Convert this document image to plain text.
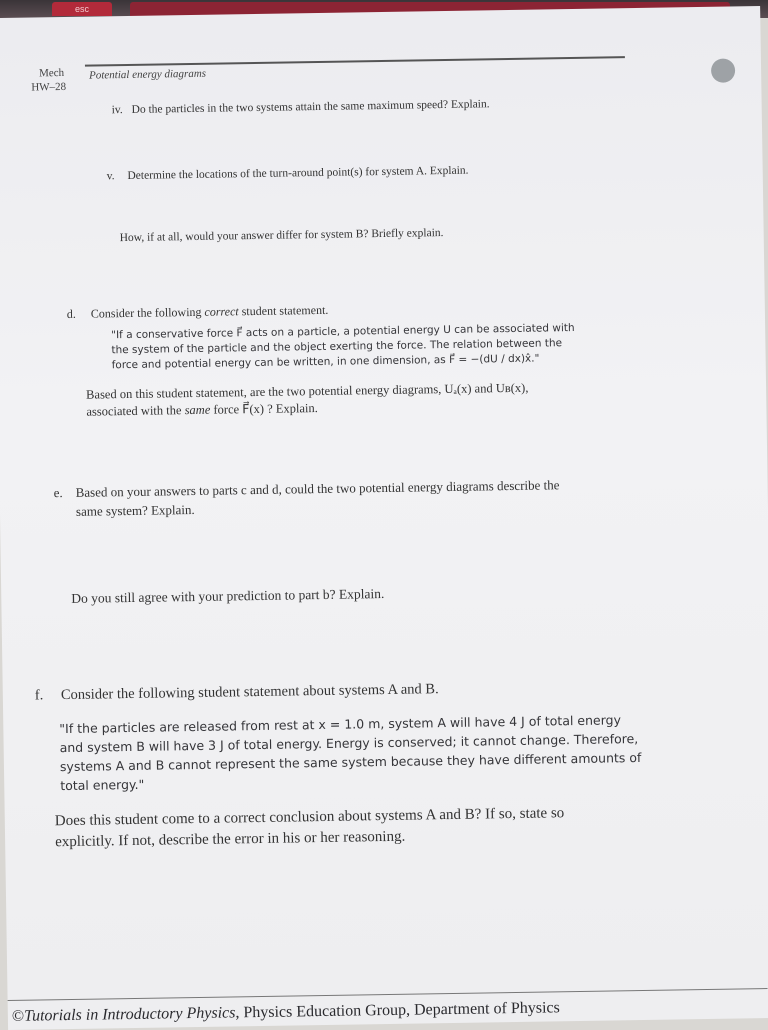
esc
Mech
HW–28
Potential energy diagrams
iv. Do the particles in the two systems attain the same maximum speed? Explain.
v. Determine the locations of the turn-around point(s) for system A. Explain.
How, if at all, would your answer differ for system B? Briefly explain.
d. Consider the following correct student statement.
"If a conservative force F⃗ acts on a particle, a potential energy U can be associated with
the system of the particle and the object exerting the force. The relation between the
force and potential energy can be written, in one dimension, as F⃗ = −(dU / dx)x̂."
Based on this student statement, are the two potential energy diagrams, Uₐ(x) and Uʙ(x),
associated with the same force F⃗(x) ? Explain.
e. Based on your answers to parts c and d, could the two potential energy diagrams describe the
same system? Explain.
Do you still agree with your prediction to part b? Explain.
f. Consider the following student statement about systems A and B.
"If the particles are released from rest at x = 1.0 m, system A will have 4 J of total energy
and system B will have 3 J of total energy. Energy is conserved; it cannot change. Therefore,
systems A and B cannot represent the same system because they have different amounts of
total energy."
Does this student come to a correct conclusion about systems A and B? If so, state so
explicitly. If not, describe the error in his or her reasoning.
©Tutorials in Introductory Physics, Physics Education Group, Department of Physics
